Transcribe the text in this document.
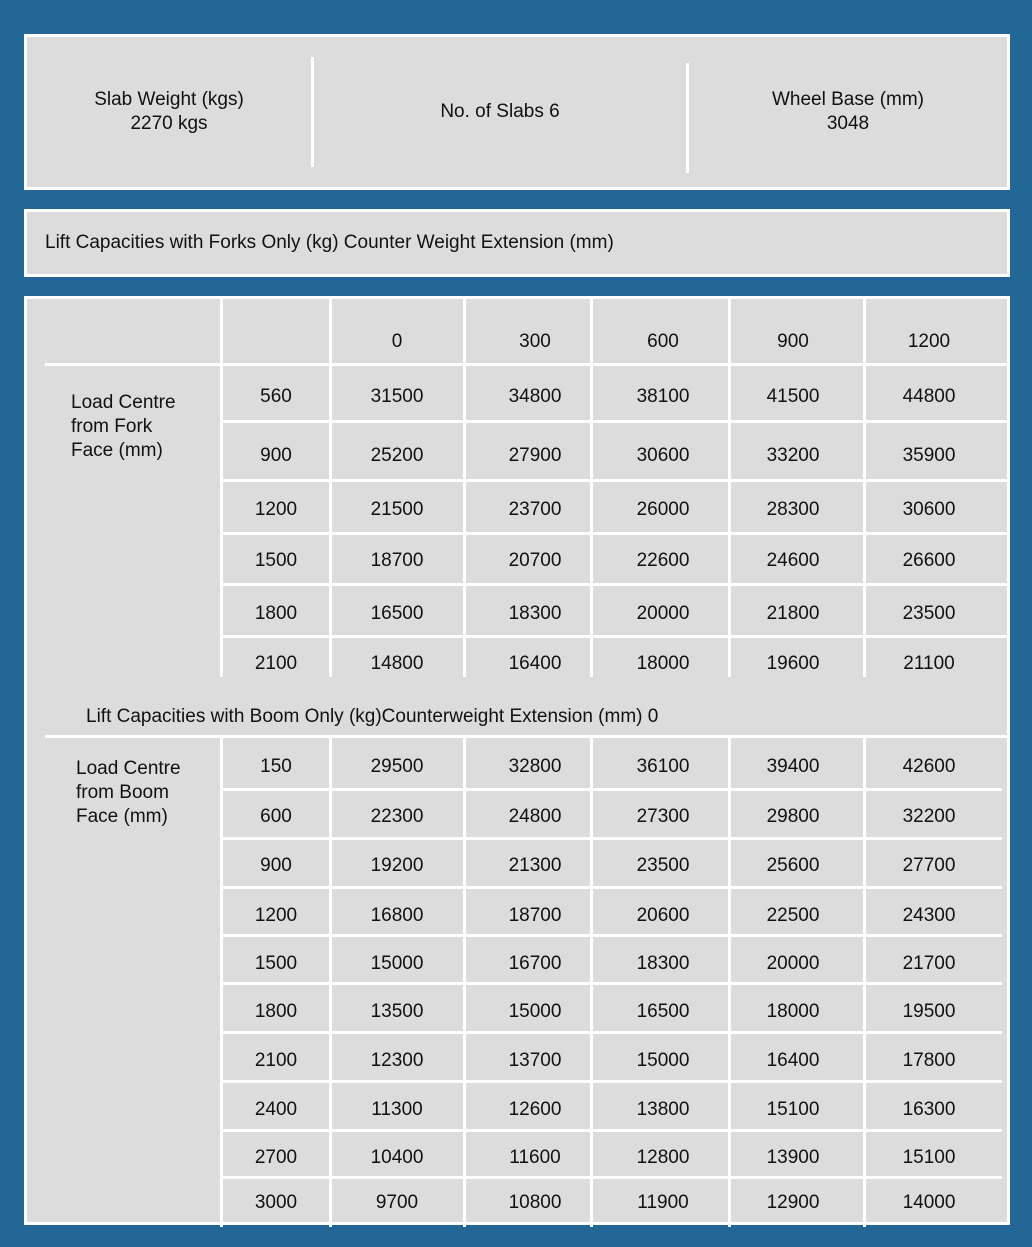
Slab Weight (kgs)
2270 kgs
No. of Slabs 6
Wheel Base (mm)
3048
Lift Capacities with Forks Only (kg) Counter Weight Extension (mm)
Load Centre
from Fork
Face (mm)
Lift Capacities with Boom Only (kg)Counterweight Extension (mm) 0
Load Centre
from Boom
Face (mm)
0	300	600	900	1200
560	31500	34800	38100	41500	44800
900	25200	27900	30600	33200	35900
1200	21500	23700	26000	28300	30600
1500	18700	20700	22600	24600	26600
1800	16500	18300	20000	21800	23500
2100	14800	16400	18000	19600	21100
150	29500	32800	36100	39400	42600
600	22300	24800	27300	29800	32200
900	19200	21300	23500	25600	27700
1200	16800	18700	20600	22500	24300
1500	15000	16700	18300	20000	21700
1800	13500	15000	16500	18000	19500
2100	12300	13700	15000	16400	17800
2400	11300	12600	13800	15100	16300
2700	10400	11600	12800	13900	15100
3000	9700	10800	11900	12900	14000
